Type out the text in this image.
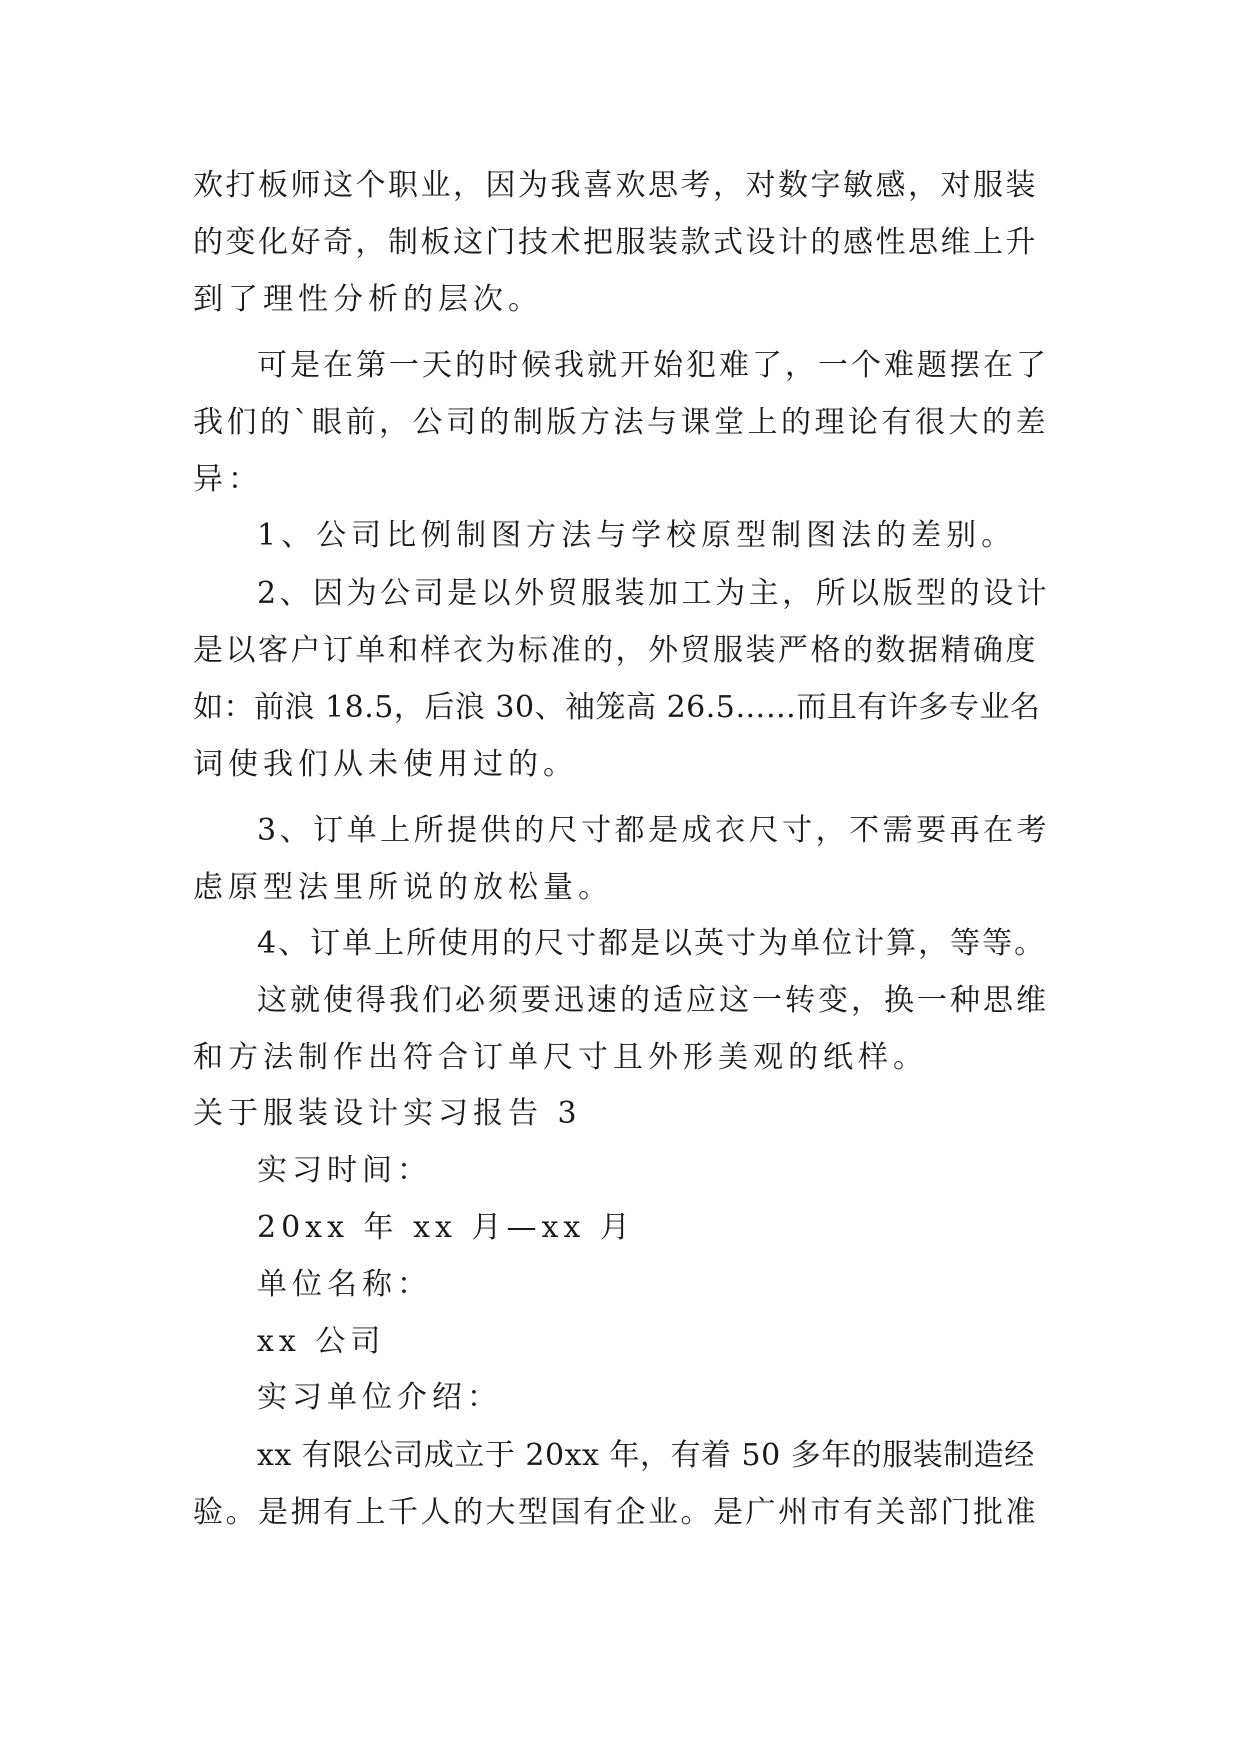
欢打板师这个职业，因为我喜欢思考，对数字敏感，对服装
的变化好奇，制板这门技术把服装款式设计的感性思维上升
到了理性分析的层次。
可是在第一天的时候我就开始犯难了，一个难题摆在了
我们的`眼前，公司的制版方法与课堂上的理论有很大的差
异：
1、公司比例制图方法与学校原型制图法的差别。
2、因为公司是以外贸服装加工为主，所以版型的设计
是以客户订单和样衣为标准的，外贸服装严格的数据精确度
如：前浪 18.5，后浪 30、袖笼高 26.5……而且有许多专业名
词使我们从未使用过的。
3、订单上所提供的尺寸都是成衣尺寸，不需要再在考
虑原型法里所说的放松量。
4、订单上所使用的尺寸都是以英寸为单位计算，等等。
这就使得我们必须要迅速的适应这一转变，换一种思维
和方法制作出符合订单尺寸且外形美观的纸样。
关于服装设计实习报告 3
实习时间：
20xx 年 xx 月—xx 月
单位名称：
xx 公司
实习单位介绍：
xx 有限公司成立于 20xx 年，有着 50 多年的服装制造经
验。是拥有上千人的大型国有企业。是广州市有关部门批准
